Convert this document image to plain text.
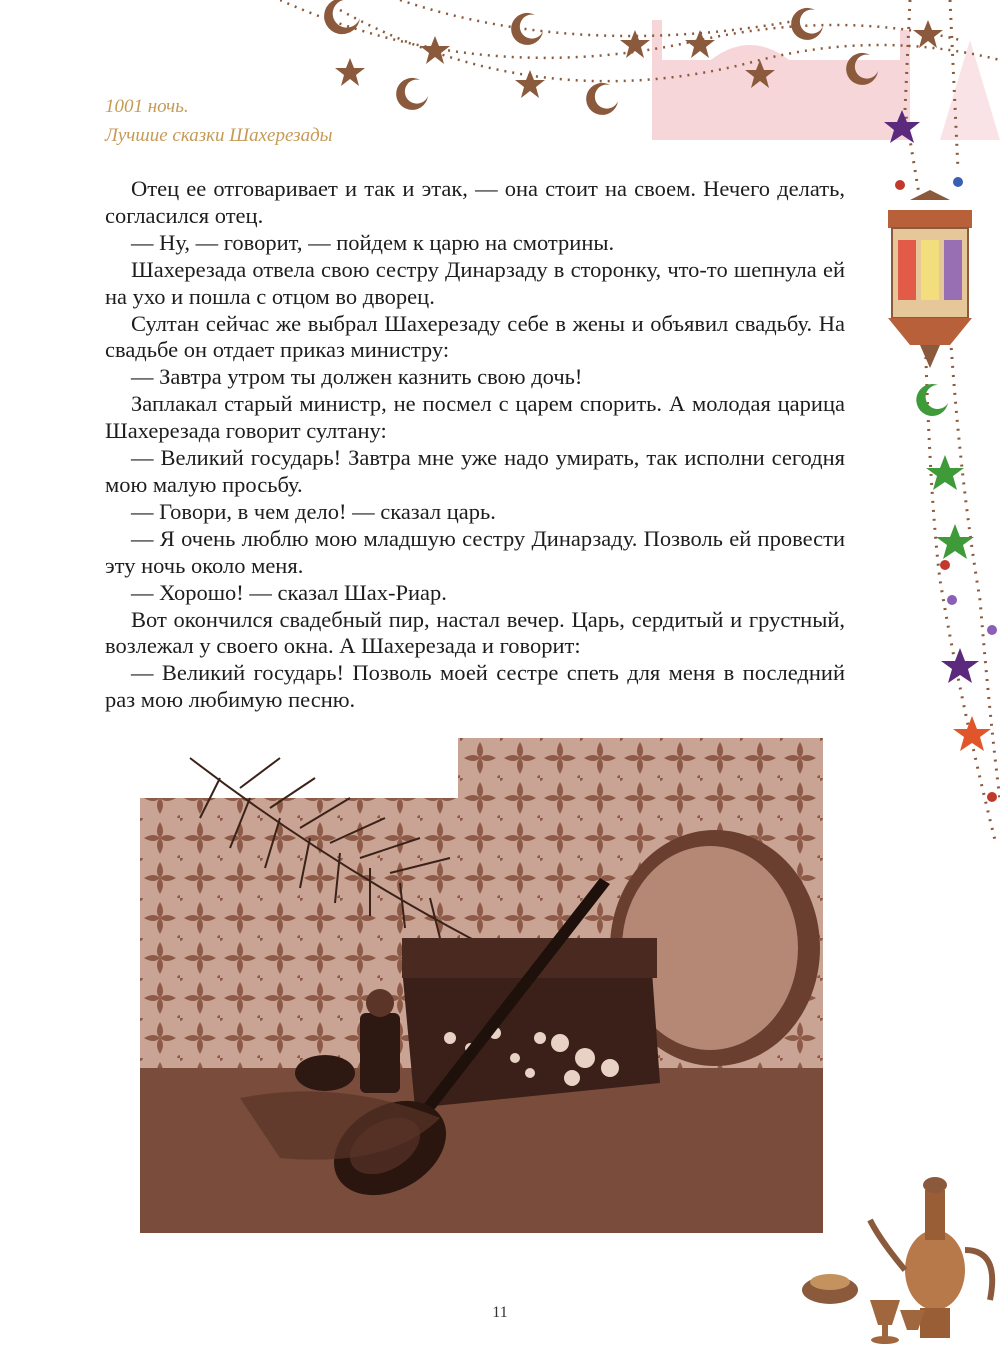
1001 ночь.
Лучшие сказки Шахерезады

Отец ее отговаривает и так и этак, — она стоит на своем. Нечего делать, согласился отец.

— Ну, — говорит, — пойдем к царю на смотрины.

Шахерезада отвела свою сестру Динарзаду в сторонку, что-то шепнула ей на ухо и пошла с отцом во дворец.

Султан сейчас же выбрал Шахерезаду себе в жены и объявил свадьбу. На свадьбе он отдает приказ министру:

— Завтра утром ты должен казнить свою дочь!

Заплакал старый министр, не посмел с царем спорить. А молодая царица Шахерезада говорит султану:

— Великий государь! Завтра мне уже надо умирать, так исполни сегодня мою малую просьбу.

— Говори, в чем дело! — сказал царь.

— Я очень люблю мою младшую сестру Динарзаду. Позволь ей провести эту ночь около меня.

— Хорошо! — сказал Шах-Риар.

Вот окончился свадебный пир, настал вечер. Царь, сердитый и грустный, возлежал у своего окна. А Шахерезада и говорит:

— Великий государь! Позволь моей сестре спеть для меня в последний раз мою любимую песню.

11
